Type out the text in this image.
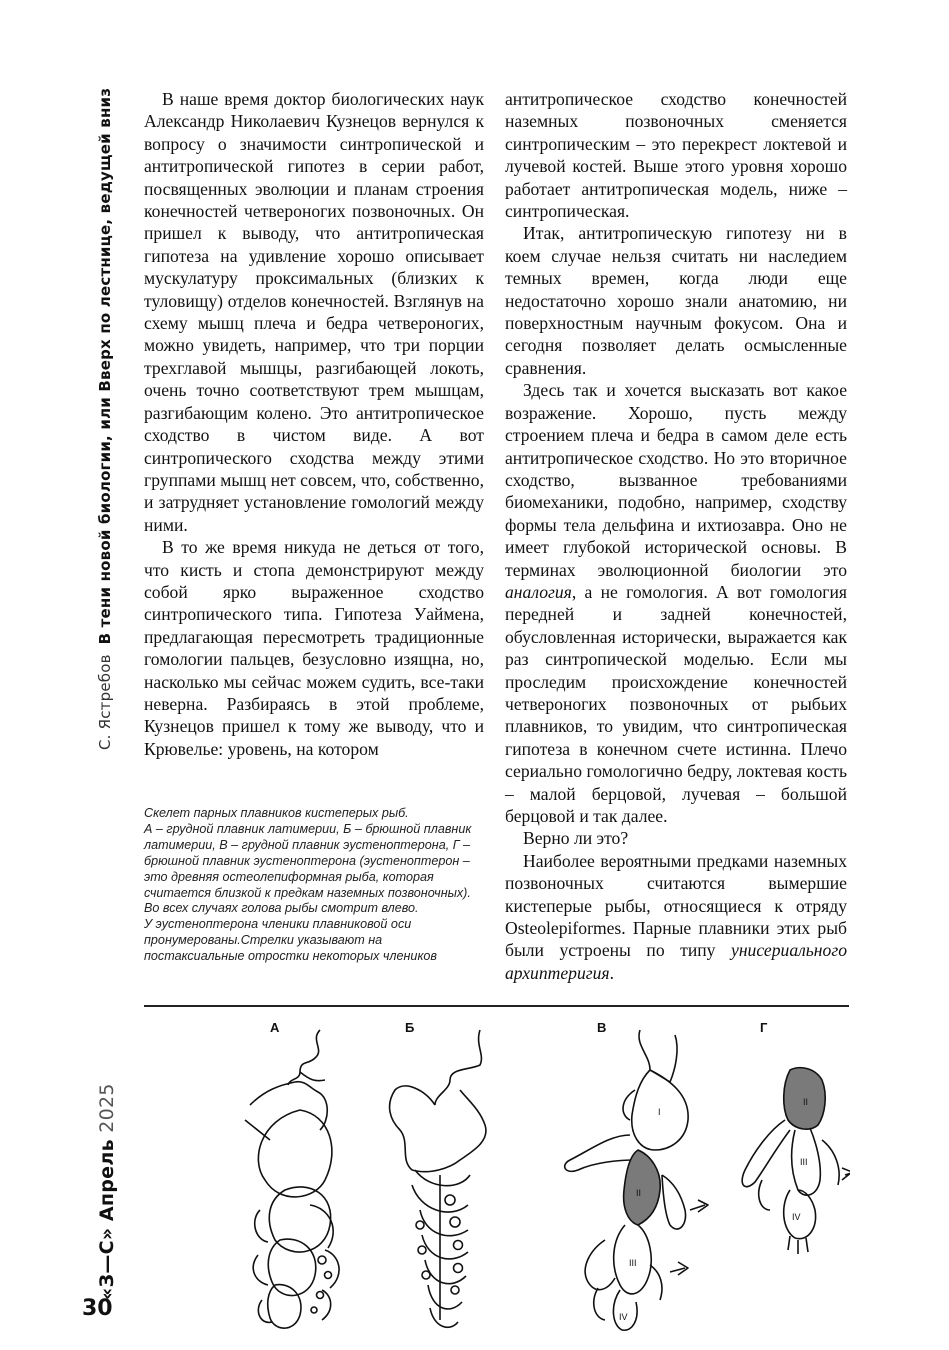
С. Ястребов  В тени новой биологии, или Вверх по лестнице, ведущей вниз
«З—С» Апрель 2025
30

В наше время доктор биологических наук Александр Николаевич Кузнецов вернулся к вопросу о значимости синтропической и антитропической гипотез в серии работ, посвященных эволюции и планам строения конечностей четвероногих позвоночных. Он пришел к выводу, что антитропическая гипотеза на удивление хорошо описывает мускулатуру проксимальных (близких к туловищу) отделов конечностей. Взглянув на схему мышц плеча и бедра четвероногих, можно увидеть, например, что три порции трехглавой мышцы, разгибающей локоть, очень точно соответствуют трем мышцам, разгибающим колено. Это антитропическое сходство в чистом виде. А вот синтропического сходства между этими группами мышц нет совсем, что, собственно, и затрудняет установление гомологий между ними.

В то же время никуда не деться от того, что кисть и стопа демонстрируют между собой ярко выраженное сходство синтропического типа. Гипотеза Уаймена, предлагающая пересмотреть традиционные гомологии пальцев, безусловно изящна, но, насколько мы сейчас можем судить, все-таки неверна. Разбираясь в этой проблеме, Кузнецов пришел к тому же выводу, что и Крювелье: уровень, на котором

антитропическое сходство конечностей наземных позвоночных сменяется синтропическим – это перекрест локтевой и лучевой костей. Выше этого уровня хорошо работает антитропическая модель, ниже – синтропическая.

Итак, антитропическую гипотезу ни в коем случае нельзя считать ни наследием темных времен, когда люди еще недостаточно хорошо знали анатомию, ни поверхностным научным фокусом. Она и сегодня позволяет делать осмысленные сравнения.

Здесь так и хочется высказать вот какое возражение. Хорошо, пусть между строением плеча и бедра в самом деле есть антитропическое сходство. Но это вторичное сходство, вызванное требованиями биомеханики, подобно, например, сходству формы тела дельфина и ихтиозавра. Оно не имеет глубокой исторической основы. В терминах эволюционной биологии это аналогия, а не гомология. А вот гомология передней и задней конечностей, обусловленная исторически, выражается как раз синтропической моделью. Если мы проследим происхождение конечностей четвероногих позвоночных от рыбьих плавников, то увидим, что синтропическая гипотеза в конечном счете истинна. Плечо сериально гомологично бедру, локтевая кость – малой берцовой, лучевая – большой берцовой и так далее.

Верно ли это?

Наиболее вероятными предками наземных позвоночных считаются вымершие кистеперые рыбы, относящиеся к отряду Osteolepiformes. Парные плавники этих рыб были устроены по типу унисериального архиптеригия.

Скелет парных плавников кистеперых рыб.
А – грудной плавник латимерии, Б – брюшной плавник латимерии, В – грудной плавник эустеноптерона, Г – брюшной плавник эустеноптерона (эустеноптерон – это древняя остеолепиформная рыба, которая считается близкой к предкам наземных позвоночных).
Во всех случаях голова рыбы смотрит влево.
У эустеноптерона членики плавниковой оси пронумерованы.Стрелки указывают на постаксиальные отростки некоторых члеников
А	Б	В	Г
I
II
III
IV
II
III
IV
